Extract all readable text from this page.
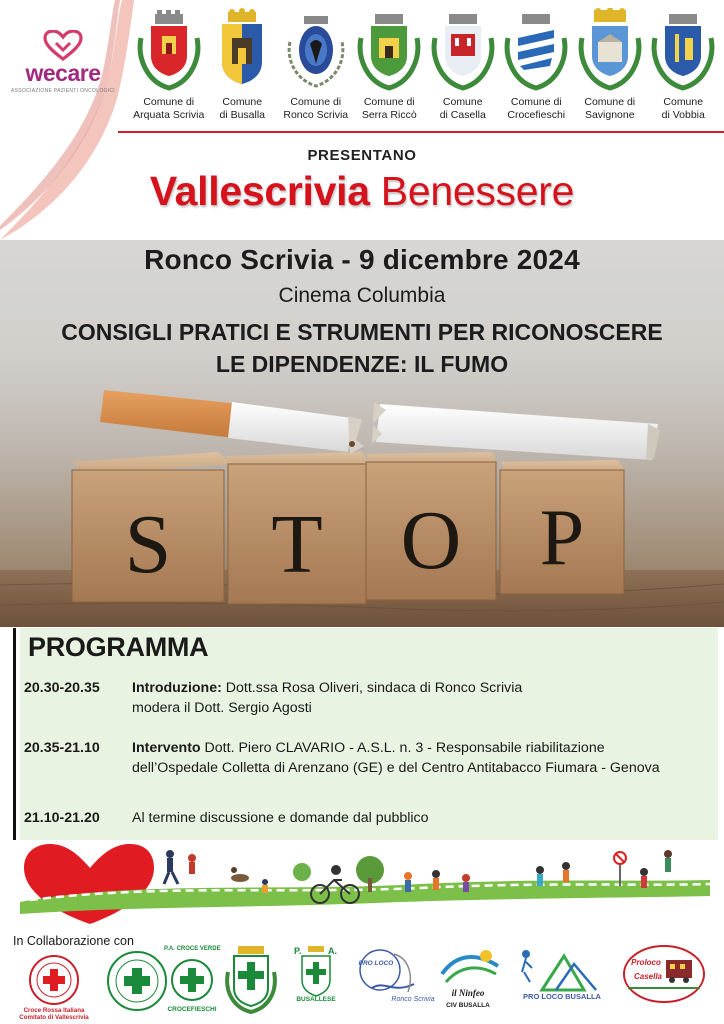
wecare
ASSOCIAZIONE PAZIENTI ONCOLOGICI
Comune di
Arquata Scrivia
Comune
di Busalla
Comune di
Ronco Scrivia
Comune di
Serra Riccò
Comune
di Casella
Comune di
Crocefieschi
Comune di
Savignone
Comune
di Vobbia
PRESENTANO
Vallescrivia Benessere
Ronco Scrivia - 9 dicembre 2024
Cinema Columbia
CONSIGLI PRATICI E STRUMENTI PER RICONOSCERE
LE DIPENDENZE: IL FUMO
S T O P
PROGRAMMA
20.30-20.35 Introduzione: Dott.ssa Rosa Oliveri, sindaca di Ronco Scrivia
modera il Dott. Sergio Agosti
20.35-21.10 Intervento Dott. Piero CLAVARIO - A.S.L. n. 3 - Responsabile riabilitazione
dell’Ospedale Colletta di Arenzano (GE) e del Centro Antitabacco Fiumara - Genova
21.10-21.20 Al termine discussione e domande dal pubblico
In Collaborazione con
Croce Rossa Italiana
Comitato di Vallescrivia
P.A. CROCE VERDE
CROCEFIESCHI
P.	A.
BUSALLESE
PRO LOCO
Ronco Scrivia
il Ninfeo
CIV BUSALLA
PRO LOCO BUSALLA
Proloco
Casella
